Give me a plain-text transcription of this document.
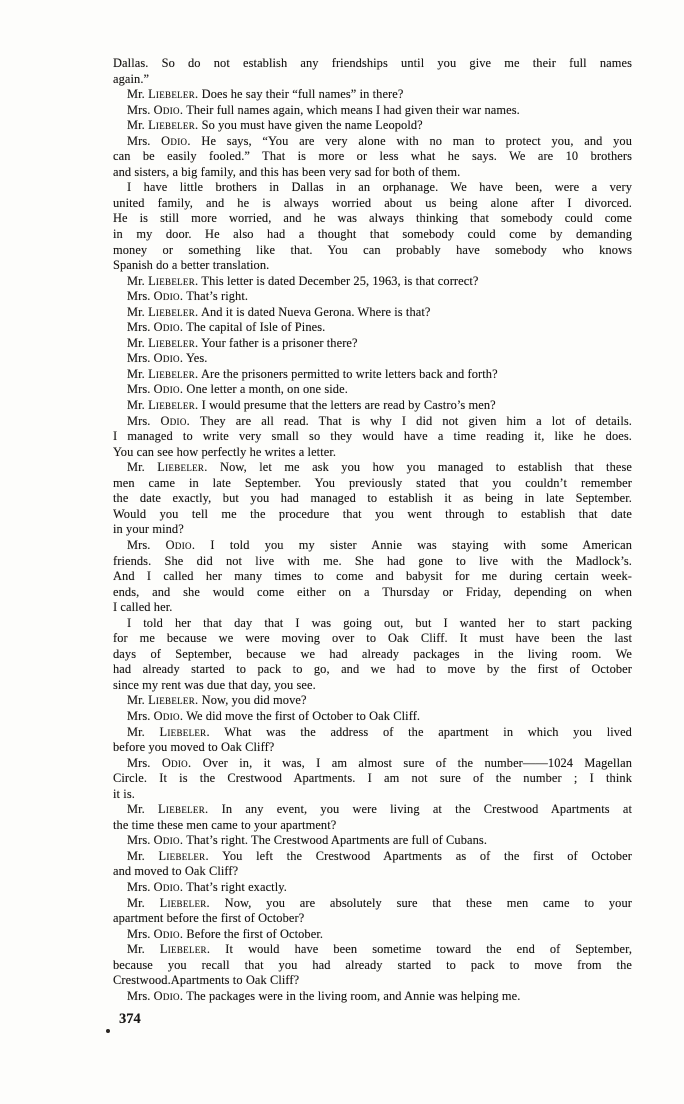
Dallas. So do not establish any friendships until you give me their full names
again.”
Mr. Liebeler. Does he say their “full names” in there?
Mrs. Odio. Their full names again, which means I had given their war names.
Mr. Liebeler. So you must have given the name Leopold?
Mrs. Odio. He says, “You are very alone with no man to protect you, and you
can be easily fooled.” That is more or less what he says. We are 10 brothers
and sisters, a big family, and this has been very sad for both of them.
I have little brothers in Dallas in an orphanage. We have been, were a very
united family, and he is always worried about us being alone after I divorced.
He is still more worried, and he was always thinking that somebody could come
in my door. He also had a thought that somebody could come by demanding
money or something like that. You can probably have somebody who knows
Spanish do a better translation.
Mr. Liebeler. This letter is dated December 25, 1963, is that correct?
Mrs. Odio. That’s right.
Mr. Liebeler. And it is dated Nueva Gerona. Where is that?
Mrs. Odio. The capital of Isle of Pines.
Mr. Liebeler. Your father is a prisoner there?
Mrs. Odio. Yes.
Mr. Liebeler. Are the prisoners permitted to write letters back and forth?
Mrs. Odio. One letter a month, on one side.
Mr. Liebeler. I would presume that the letters are read by Castro’s men?
Mrs. Odio. They are all read. That is why I did not given him a lot of details.
I managed to write very small so they would have a time reading it, like he does.
You can see how perfectly he writes a letter.
Mr. Liebeler. Now, let me ask you how you managed to establish that these
men came in late September. You previously stated that you couldn’t remember
the date exactly, but you had managed to establish it as being in late September.
Would you tell me the procedure that you went through to establish that date
in your mind?
Mrs. Odio. I told you my sister Annie was staying with some American
friends. She did not live with me. She had gone to live with the Madlock’s.
And I called her many times to come and babysit for me during certain week-
ends, and she would come either on a Thursday or Friday, depending on when
I called her.
I told her that day that I was going out, but I wanted her to start packing
for me because we were moving over to Oak Cliff. It must have been the last
days of September, because we had already packages in the living room. We
had already started to pack to go, and we had to move by the first of October
since my rent was due that day, you see.
Mr. Liebeler. Now, you did move?
Mrs. Odio. We did move the first of October to Oak Cliff.
Mr. Liebeler. What was the address of the apartment in which you lived
before you moved to Oak Cliff?
Mrs. Odio. Over in, it was, I am almost sure of the number——1024 Magellan
Circle. It is the Crestwood Apartments. I am not sure of the number ; I think
it is.
Mr. Liebeler. In any event, you were living at the Crestwood Apartments at
the time these men came to your apartment?
Mrs. Odio. That’s right. The Crestwood Apartments are full of Cubans.
Mr. Liebeler. You left the Crestwood Apartments as of the first of October
and moved to Oak Cliff?
Mrs. Odio. That’s right exactly.
Mr. Liebeler. Now, you are absolutely sure that these men came to your
apartment before the first of October?
Mrs. Odio. Before the first of October.
Mr. Liebeler. It would have been sometime toward the end of September,
because you recall that you had already started to pack to move from the
Crestwood.Apartments to Oak Cliff?
Mrs. Odio. The packages were in the living room, and Annie was helping me.
374
